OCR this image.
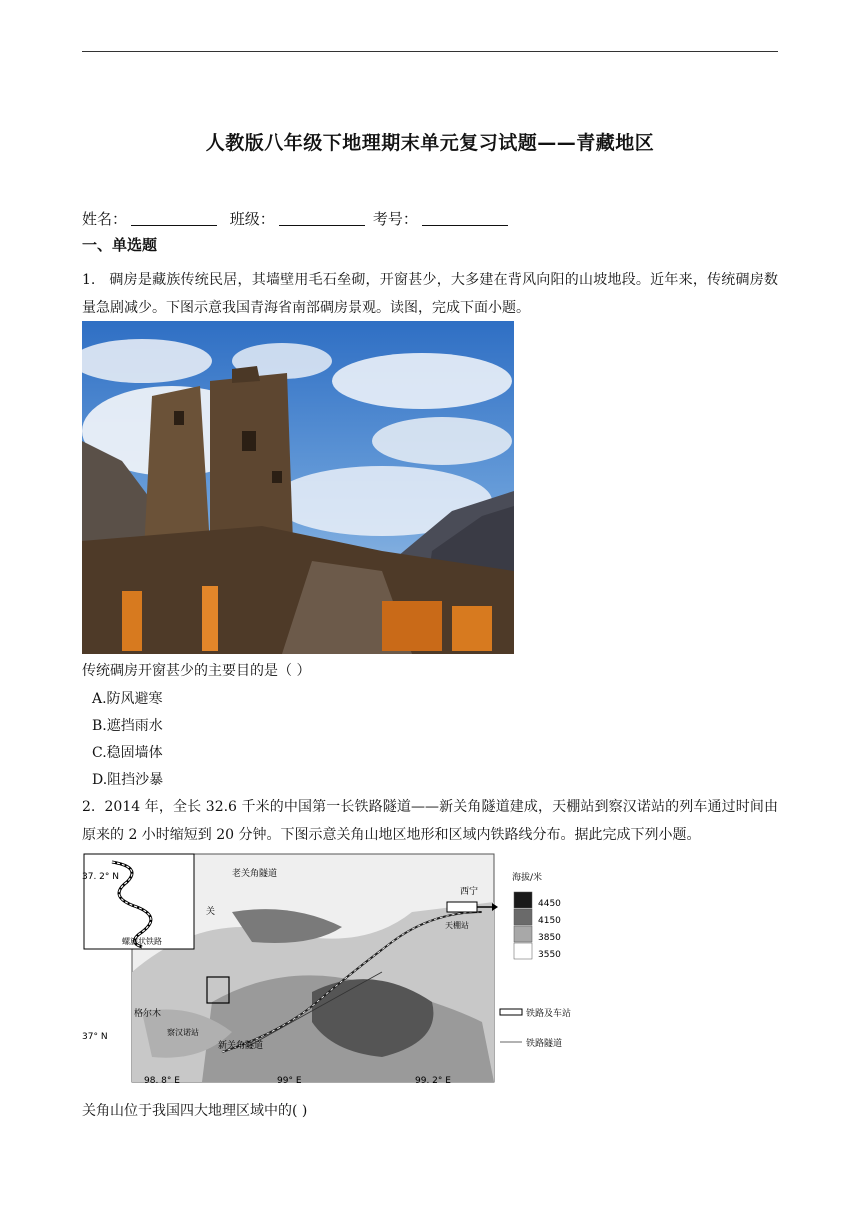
人教版八年级下地理期末单元复习试题——青藏地区
姓名：	班级：	考号：
一、单选题
1. 碉房是藏族传统民居，其墙壁用毛石垒砌，开窗甚少，大多建在背风向阳的山坡地段。近年来，传统碉房数量急剧减少。下图示意我国青海省南部碉房景观。读图，完成下面小题。
传统碉房开窗甚少的主要目的是（ ）
A.防风避寒
B.遮挡雨水
C.稳固墙体
D.阻挡沙暴
2. 2014 年，全长 32.6 千米的中国第一长铁路隧道——新关角隧道建成，天棚站到察汉诺站的列车通过时间由原来的 2 小时缩短到 20 分钟。下图示意关角山地区地形和区域内铁路线分布。据此完成下列小题。
37. 2° N
37° N
98. 8° E	99° E	99. 2° E
老关角隧道
新关角隧道
螺旋状铁路
西宁
天棚站
格尔木
察汉诺站
关
海拔/米
4450
4150
3850
3550
铁路及车站
铁路隧道
关角山位于我国四大地理区域中的( )
